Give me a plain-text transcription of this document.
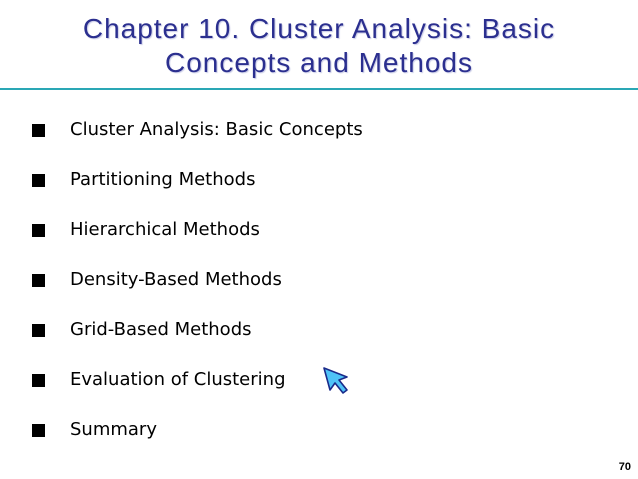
Chapter 10. Cluster Analysis: Basic
Concepts and Methods
Cluster Analysis: Basic Concepts
Partitioning Methods
Hierarchical Methods
Density-Based Methods
Grid-Based Methods
Evaluation of Clustering
Summary
70
